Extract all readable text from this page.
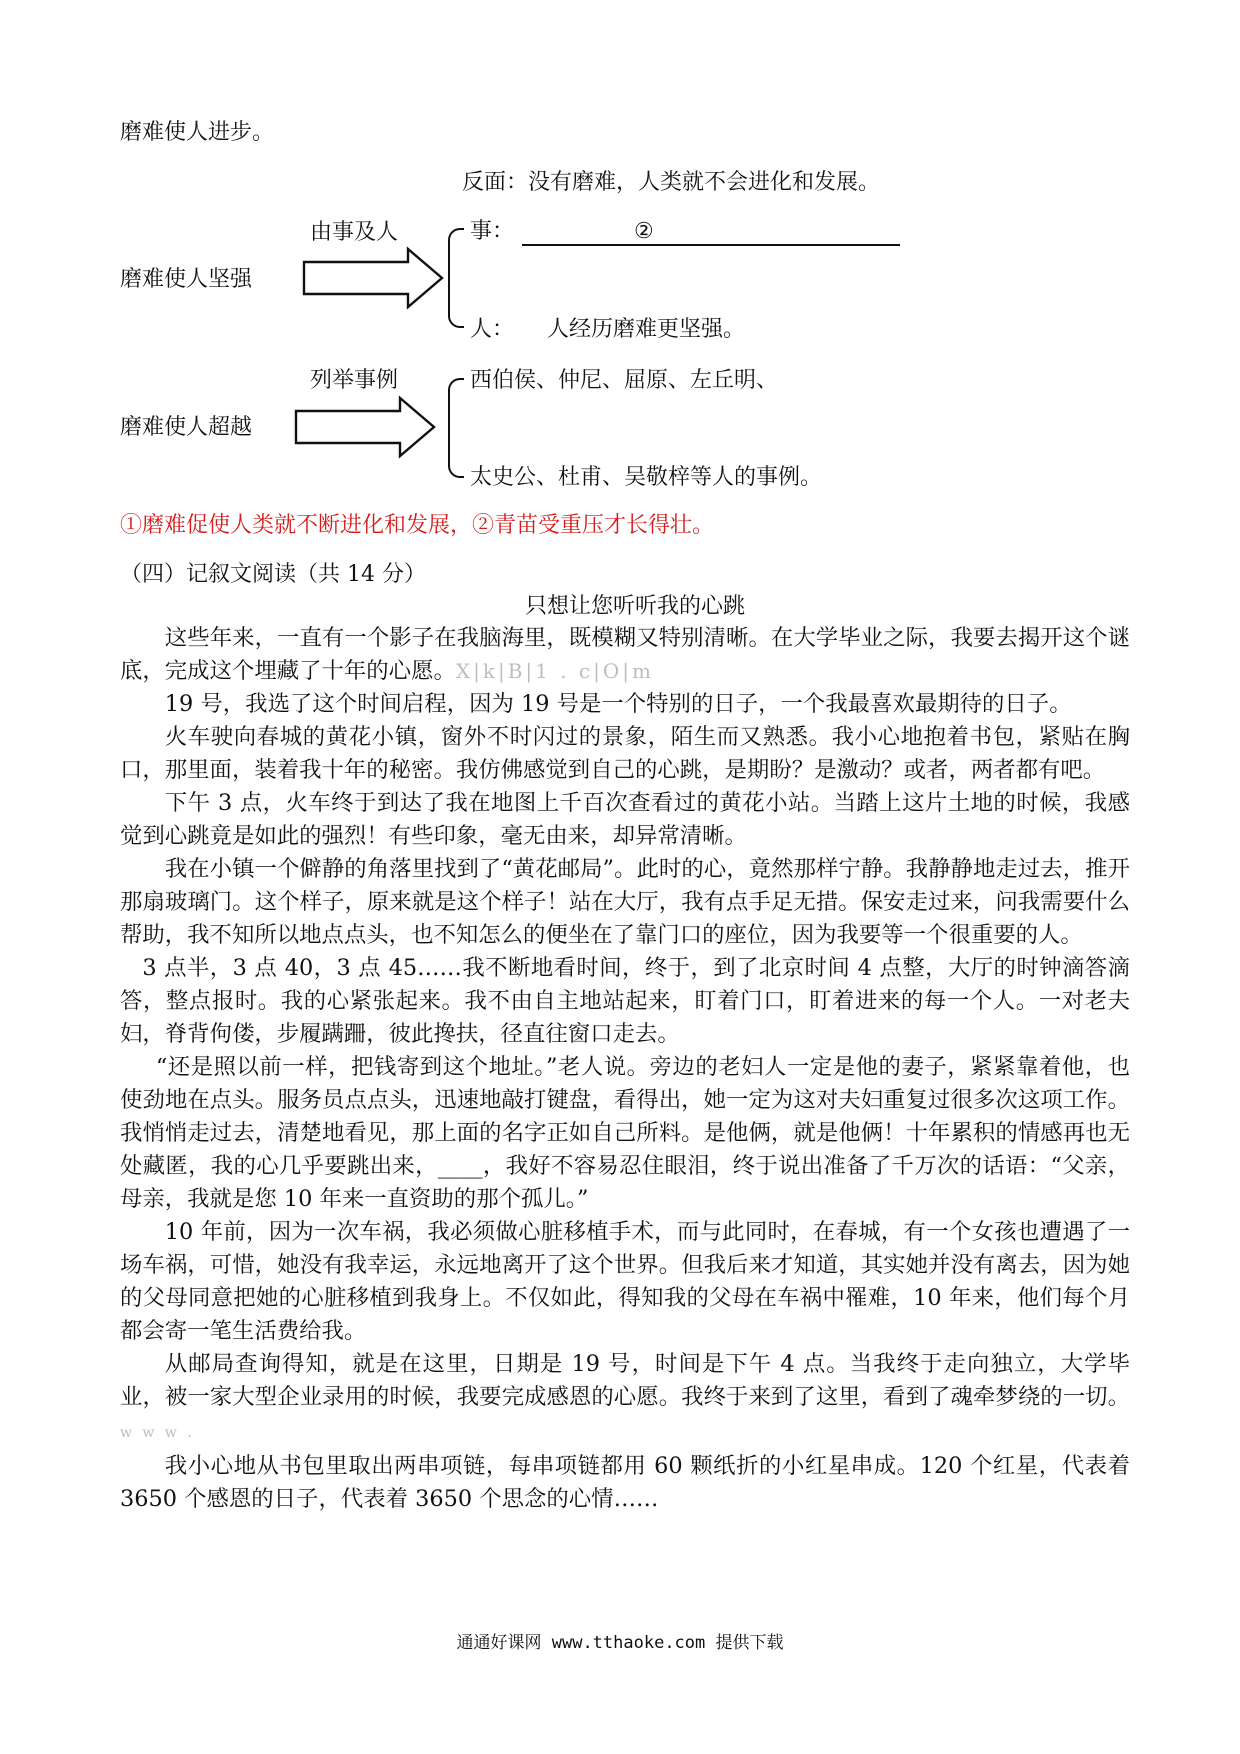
磨难使人进步。
反面：没有磨难，人类就不会进化和发展。
磨难使人坚强
由事及人	事：	②
人： 人经历磨难更坚强。
磨难使人超越
列举事例	西伯侯、仲尼、屈原、左丘明、
太史公、杜甫、吴敬梓等人的事例。
①磨难促使人类就不断进化和发展，②青苗受重压才长得壮。
（四）记叙文阅读（共 14 分）
只想让您听听我的心跳

这些年来，一直有一个影子在我脑海里，既模糊又特别清晰。在大学毕业之际，我要去揭开这个谜底，完成这个埋藏了十年的心愿。X|k|B|1 . c|O|m

19 号，我选了这个时间启程，因为 19 号是一个特别的日子，一个我最喜欢最期待的日子。

火车驶向春城的黄花小镇，窗外不时闪过的景象，陌生而又熟悉。我小心地抱着书包，紧贴在胸口，那里面，装着我十年的秘密。我仿佛感觉到自己的心跳，是期盼？是激动？或者，两者都有吧。

下午 3 点，火车终于到达了我在地图上千百次查看过的黄花小站。当踏上这片土地的时候，我感觉到心跳竟是如此的强烈！有些印象，毫无由来，却异常清晰。

我在小镇一个僻静的角落里找到了“黄花邮局”。此时的心，竟然那样宁静。我静静地走过去，推开那扇玻璃门。这个样子，原来就是这个样子！站在大厅，我有点手足无措。保安走过来，问我需要什么帮助，我不知所以地点点头，也不知怎么的便坐在了靠门口的座位，因为我要等一个很重要的人。

3 点半，3 点 40，3 点 45……我不断地看时间，终于，到了北京时间 4 点整，大厅的时钟滴答滴答，整点报时。我的心紧张起来。我不由自主地站起来，盯着门口，盯着进来的每一个人。一对老夫妇，脊背佝偻，步履蹒跚，彼此搀扶，径直往窗口走去。

“还是照以前一样，把钱寄到这个地址。”老人说。旁边的老妇人一定是他的妻子，紧紧靠着他，也使劲地在点头。服务员点点头，迅速地敲打键盘，看得出，她一定为这对夫妇重复过很多次这项工作。我悄悄走过去，清楚地看见，那上面的名字正如自己所料。是他俩，就是他俩！十年累积的情感再也无处藏匿，我的心几乎要跳出来，____，我好不容易忍住眼泪，终于说出准备了千万次的话语：“父亲，母亲，我就是您 10 年来一直资助的那个孤儿。”

10 年前，因为一次车祸，我必须做心脏移植手术，而与此同时，在春城，有一个女孩也遭遇了一场车祸，可惜，她没有我幸运，永远地离开了这个世界。但我后来才知道，其实她并没有离去，因为她的父母同意把她的心脏移植到我身上。不仅如此，得知我的父母在车祸中罹难，10 年来，他们每个月都会寄一笔生活费给我。

从邮局查询得知，就是在这里，日期是 19 号，时间是下午 4 点。当我终于走向独立，大学毕业，被一家大型企业录用的时候，我要完成感恩的心愿。我终于来到了这里，看到了魂牵梦绕的一切。w w w .

我小心地从书包里取出两串项链，每串项链都用 60 颗纸折的小红星串成。120 个红星，代表着 3650 个感恩的日子，代表着 3650 个思念的心情……

通通好课网 www.tthaoke.com 提供下载
